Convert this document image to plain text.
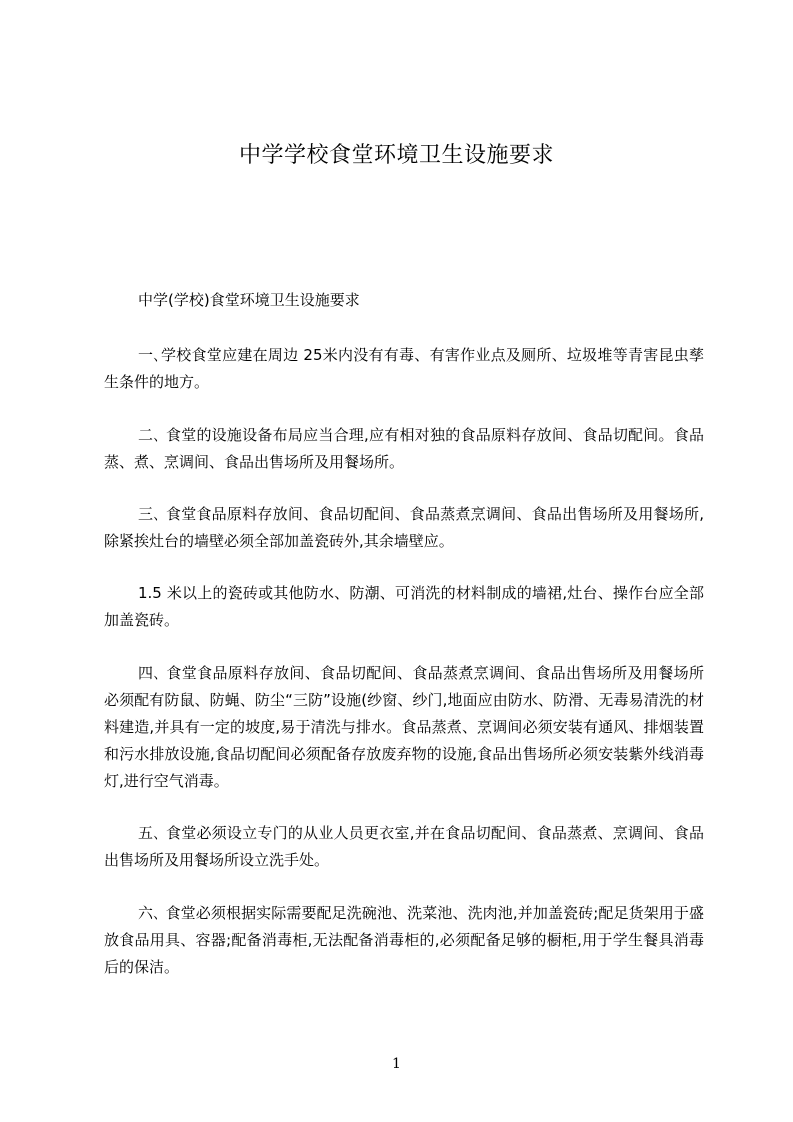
中学学校食堂环境卫生设施要求
中学(学校)食堂环境卫生设施要求

一､学校食堂应建在周边 25米内没有有毒、有害作业点及厕所、垃圾堆等青害昆虫孳生条件的地方。

二､ 食堂的设施设备布局应当合理,应有相对独的食品原料存放间、食品切配间。食品蒸、煮、烹调间、食品出售场所及用餐场所。

三､ 食堂食品原料存放间、食品切配间、食品蒸煮烹调间、食品出售场所及用餐场所,除紧挨灶台的墙壁必须全部加盖瓷砖外,其余墙壁应。

1.5 米以上的瓷砖或其他防水、防潮、可消洗的材料制成的墙裙,灶台、操作台应全部加盖瓷砖。

四､ 食堂食品原料存放间、食品切配间、食品蒸煮烹调间、食品出售场所及用餐场所必须配有防鼠、防蝇、防尘“三防”设施(纱窗、纱门,地面应由防水、防滑、无毒易清洗的材料建造,并具有一定的坡度,易于清洗与排水。食品蒸煮、烹调间必须安装有通风、排烟装置和污水排放设施,食品切配间必须配备存放废弃物的设施,食品出售场所必须安装紫外线消毒灯,进行空气消毒。

五､ 食堂必须设立专门的从业人员更衣室,并在食品切配间、食品蒸煮、烹调间、食品出售场所及用餐场所设立洗手处。

六､ 食堂必须根据实际需要配足洗碗池、洗菜池、洗肉池,并加盖瓷砖;配足货架用于盛放食品用具、容器;配备消毒柜,无法配备消毒柜的,必须配备足够的橱柜,用于学生餐具消毒后的保洁。

1
